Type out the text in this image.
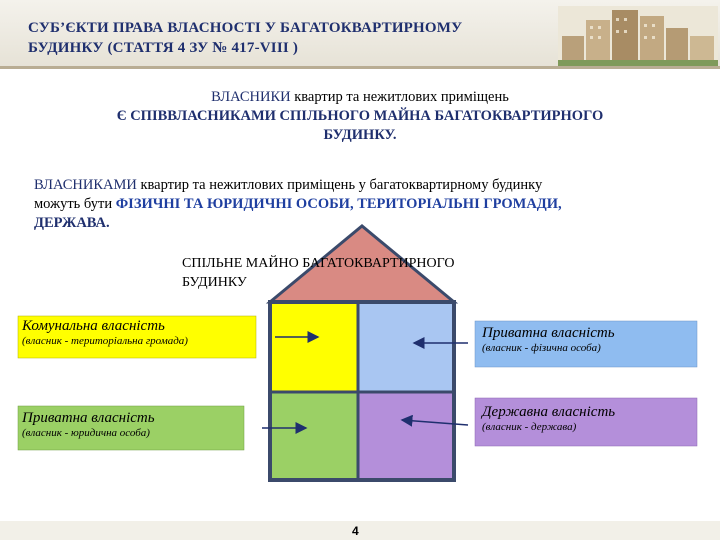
СУБ’ЄКТИ ПРАВА ВЛАСНОСТІ У БАГАТОКВАРТИРНОМУ
БУДИНКУ (СТАТТЯ 4 ЗУ № 417-VIII )
ВЛАСНИКИ квартир та нежитлових приміщень
Є СПІВВЛАСНИКАМИ СПІЛЬНОГО МАЙНА БАГАТОКВАРТИРНОГО
БУДИНКУ.
ВЛАСНИКАМИ квартир та нежитлових приміщень у багатоквартирному будинку
можуть бути ФІЗИЧНІ ТА ЮРИДИЧНІ ОСОБИ, ТЕРИТОРІАЛЬНІ ГРОМАДИ,
ДЕРЖАВА.
СПІЛЬНЕ МАЙНО БАГАТОКВАРТИРНОГО
БУДИНКУ
Комунальна власність
(власник - територіальна громада)	Приватна власність
(власник - фізична особа)
Приватна власність
(власник - юридична особа)
Державна власність
(власник - держава)
4
